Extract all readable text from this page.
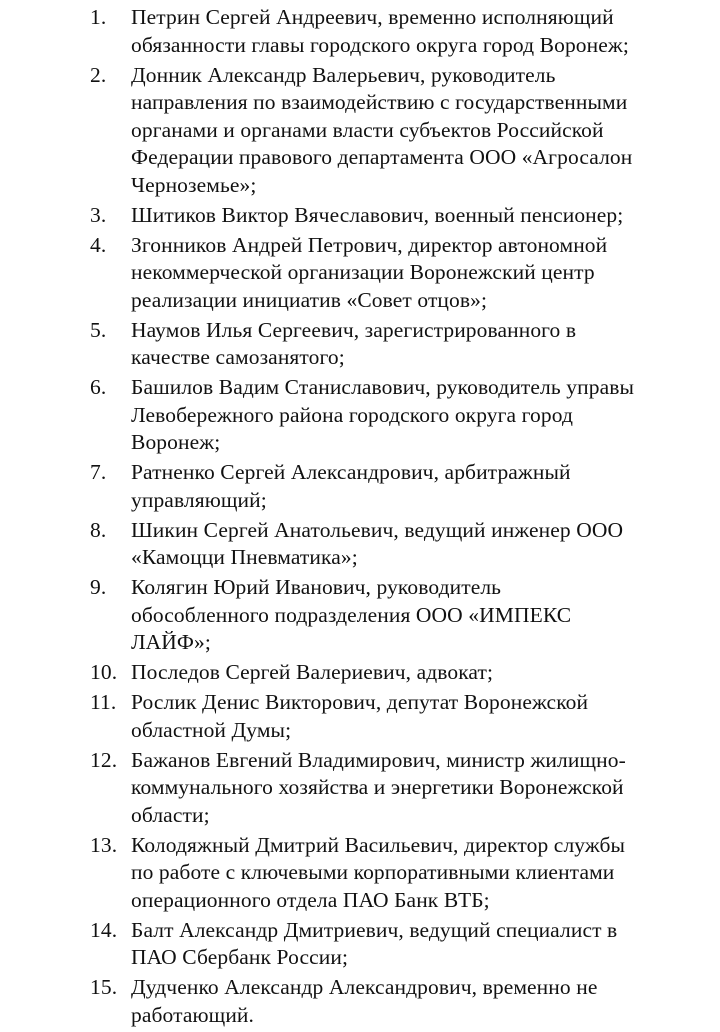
1.	Петрин Сергей Андреевич, временно исполняющий
обязанности главы городского округа город Воронеж;
2.	Донник Александр Валерьевич, руководитель
направления по взаимодействию с государственными
органами и органами власти субъектов Российской
Федерации правового департамента ООО «Агросалон
Черноземье»;
3.	Шитиков Виктор Вячеславович, военный пенсионер;
4.	Згонников Андрей Петрович, директор автономной
некоммерческой организации Воронежский центр
реализации инициатив «Совет отцов»;
5.	Наумов Илья Сергеевич, зарегистрированного в
качестве самозанятого;
6.	Башилов Вадим Станиславович, руководитель управы
Левобережного района городского округа город
Воронеж;
7.	Ратненко Сергей Александрович, арбитражный
управляющий;
8.	Шикин Сергей Анатольевич, ведущий инженер ООО
«Камоцци Пневматика»;
9.	Колягин Юрий Иванович, руководитель
обособленного подразделения ООО «ИМПЕКС
ЛАЙФ»;
10. Последов Сергей Валериевич, адвокат;
11. Рослик Денис Викторович, депутат Воронежской
областной Думы;
12. Бажанов Евгений Владимирович, министр жилищно-
коммунального хозяйства и энергетики Воронежской
области;
13. Колодяжный Дмитрий Васильевич, директор службы
по работе с ключевыми корпоративными клиентами
операционного отдела ПАО Банк ВТБ;
14. Балт Александр Дмитриевич, ведущий специалист в
ПАО Сбербанк России;
15. Дудченко Александр Александрович, временно не
работающий.
